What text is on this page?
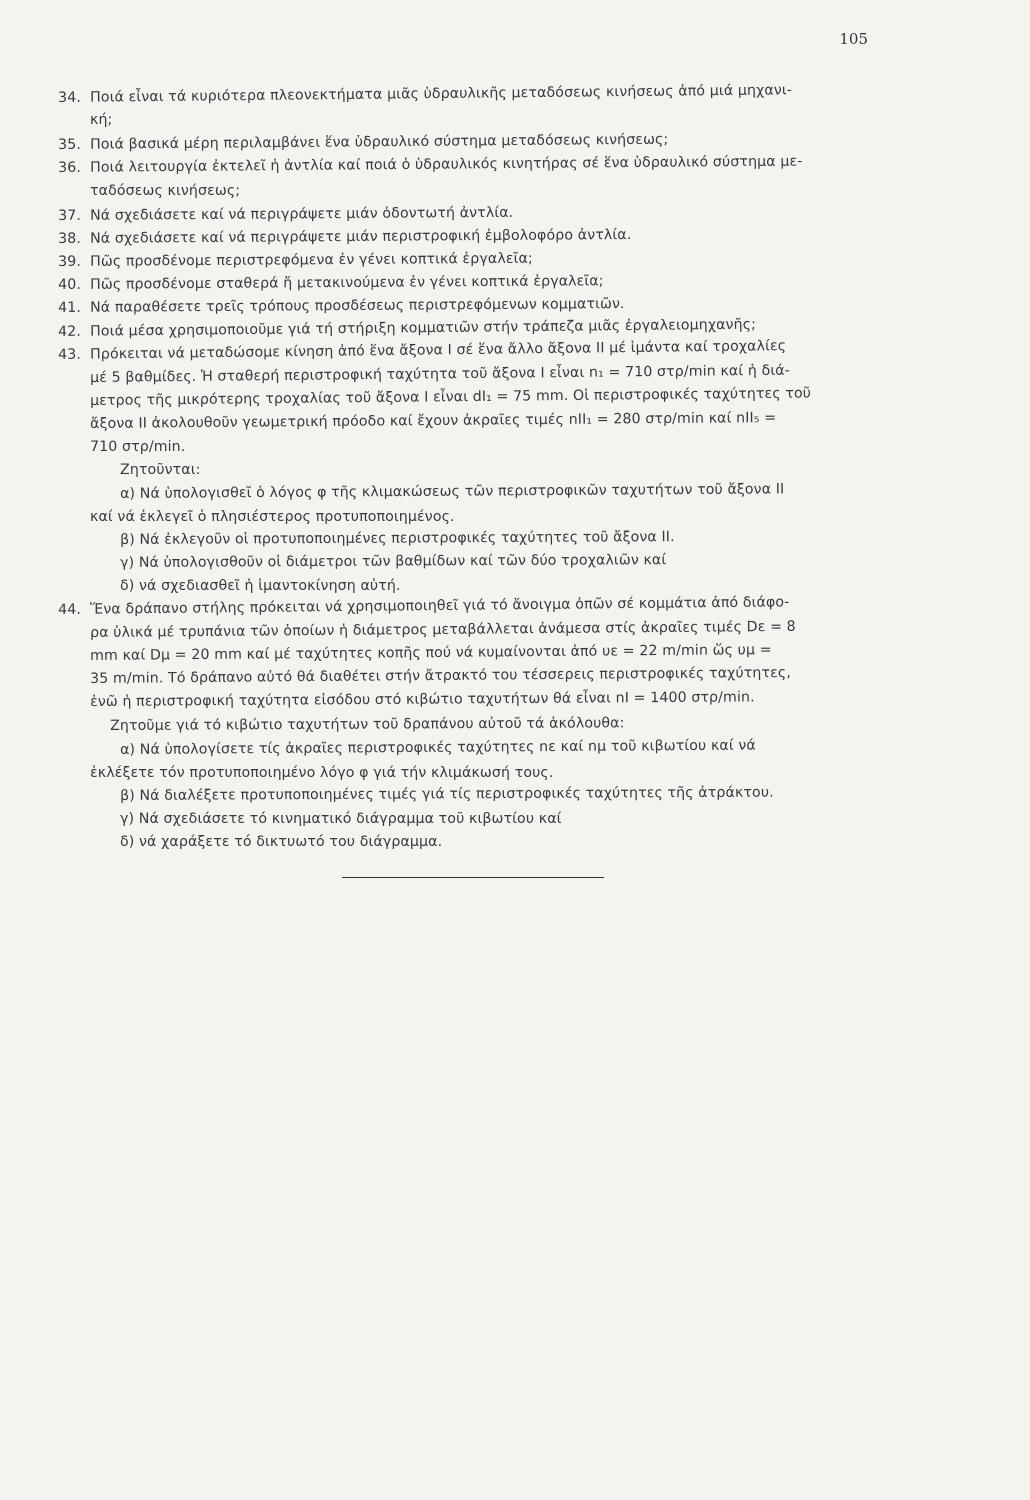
105
34. Ποιά εἶναι τά κυριότερα πλεονεκτήματα μιᾶς ὑδραυλικῆς μεταδόσεως κινήσεως ἀπό μιά μηχανι-
κή;
35. Ποιά βασικά μέρη περιλαμβάνει ἕνα ὑδραυλικό σύστημα μεταδόσεως κινήσεως;
36. Ποιά λειτουργία ἐκτελεῖ ἡ ἀντλία καί ποιά ὁ ὑδραυλικός κινητήρας σέ ἕνα ὑδραυλικό σύστημα με-
ταδόσεως κινήσεως;
37. Νά σχεδιάσετε καί νά περιγράψετε μιάν ὀδοντωτή ἀντλία.
38. Νά σχεδιάσετε καί νά περιγράψετε μιάν περιστροφική ἐμβολοφόρο ἀντλία.
39. Πῶς προσδένομε περιστρεφόμενα ἐν γένει κοπτικά ἐργαλεῖα;
40. Πῶς προσδένομε σταθερά ἤ μετακινούμενα ἐν γένει κοπτικά ἐργαλεῖα;
41. Νά παραθέσετε τρεῖς τρόπους προσδέσεως περιστρεφόμενων κομματιῶν.
42. Ποιά μέσα χρησιμοποιοῦμε γιά τή στήριξη κομματιῶν στήν τράπεζα μιᾶς ἐργαλειομηχανῆς;
43. Πρόκειται νά μεταδώσομε κίνηση ἀπό ἕνα ἄξονα Ι σέ ἕνα ἄλλο ἄξονα ΙΙ μέ ἱμάντα καί τροχαλίες
μέ 5 βαθμίδες. Ἡ σταθερή περιστροφική ταχύτητα τοῦ ἄξονα Ι εἶναι n₁ = 710 στρ/min καί ἡ διά-
μετρος τῆς μικρότερης τροχαλίας τοῦ ἄξονα Ι εἶναι dI₁ = 75 mm. Οἱ περιστροφικές ταχύτητες τοῦ
ἄξονα ΙΙ ἀκολουθοῦν γεωμετρική πρόοδο καί ἔχουν ἀκραῖες τιμές nII₁ = 280 στρ/min καί nII₅ =
710 στρ/min.
Ζητοῦνται:
α) Νά ὑπολογισθεῖ ὁ λόγος φ τῆς κλιμακώσεως τῶν περιστροφικῶν ταχυτήτων τοῦ ἄξονα ΙΙ
καί νά ἐκλεγεῖ ὁ πλησιέστερος προτυποποιημένος.
β) Νά ἐκλεγοῦν οἱ προτυποποιημένες περιστροφικές ταχύτητες τοῦ ἄξονα ΙΙ.
γ) Νά ὑπολογισθοῦν οἱ διάμετροι τῶν βαθμίδων καί τῶν δύο τροχαλιῶν καί
δ) νά σχεδιασθεῖ ἡ ἱμαντοκίνηση αὐτή.
44. Ἕνα δράπανο στήλης πρόκειται νά χρησιμοποιηθεῖ γιά τό ἄνοιγμα ὀπῶν σέ κομμάτια ἀπό διάφο-
ρα ὑλικά μέ τρυπάνια τῶν ὁποίων ἡ διάμετρος μεταβάλλεται ἀνάμεσα στίς ἀκραῖες τιμές Dε = 8
mm καί Dμ = 20 mm καί μέ ταχύτητες κοπῆς πού νά κυμαίνονται ἀπό υε = 22 m/min ὥς υμ =
35 m/min. Τό δράπανο αὐτό θά διαθέτει στήν ἄτρακτό του τέσσερεις περιστροφικές ταχύτητες,
ἐνῶ ἡ περιστροφική ταχύτητα εἰσόδου στό κιβώτιο ταχυτήτων θά εἶναι nI = 1400 στρ/min.
Ζητοῦμε γιά τό κιβώτιο ταχυτήτων τοῦ δραπάνου αὐτοῦ τά ἀκόλουθα:
α) Νά ὑπολογίσετε τίς ἀκραῖες περιστροφικές ταχύτητες nε καί nμ τοῦ κιβωτίου καί νά
ἐκλέξετε τόν προτυποποιημένο λόγο φ γιά τήν κλιμάκωσή τους.
β) Νά διαλέξετε προτυποποιημένες τιμές γιά τίς περιστροφικές ταχύτητες τῆς ἀτράκτου.
γ) Νά σχεδιάσετε τό κινηματικό διάγραμμα τοῦ κιβωτίου καί
δ) νά χαράξετε τό δικτυωτό του διάγραμμα.
